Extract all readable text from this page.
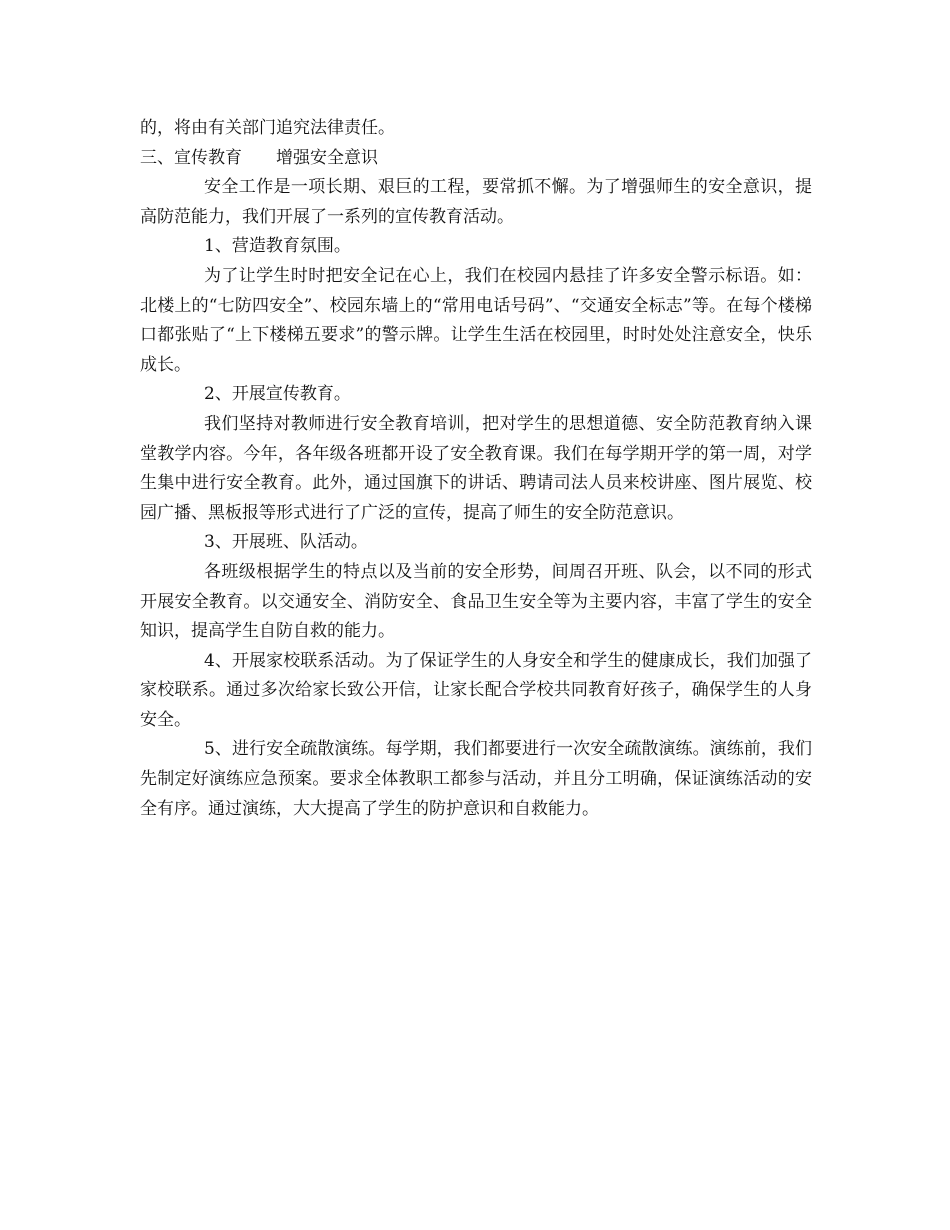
的，将由有关部门追究法律责任。

三、宣传教育　　增强安全意识

安全工作是一项长期、艰巨的工程，要常抓不懈。为了增强师生的安全意识，提高防范能力，我们开展了一系列的宣传教育活动。

1、营造教育氛围。

为了让学生时时把安全记在心上，我们在校园内悬挂了许多安全警示标语。如：北楼上的“七防四安全”、校园东墙上的“常用电话号码”、“交通安全标志”等。在每个楼梯口都张贴了“上下楼梯五要求”的警示牌。让学生生活在校园里，时时处处注意安全，快乐成长。

2、开展宣传教育。

我们坚持对教师进行安全教育培训，把对学生的思想道德、安全防范教育纳入课堂教学内容。今年，各年级各班都开设了安全教育课。我们在每学期开学的第一周，对学生集中进行安全教育。此外，通过国旗下的讲话、聘请司法人员来校讲座、图片展览、校园广播、黑板报等形式进行了广泛的宣传，提高了师生的安全防范意识。

3、开展班、队活动。

各班级根据学生的特点以及当前的安全形势，间周召开班、队会，以不同的形式开展安全教育。以交通安全、消防安全、食品卫生安全等为主要内容，丰富了学生的安全知识，提高学生自防自救的能力。

4、开展家校联系活动。为了保证学生的人身安全和学生的健康成长，我们加强了家校联系。通过多次给家长致公开信，让家长配合学校共同教育好孩子，确保学生的人身安全。

5、进行安全疏散演练。每学期，我们都要进行一次安全疏散演练。演练前，我们先制定好演练应急预案。要求全体教职工都参与活动，并且分工明确，保证演练活动的安全有序。通过演练，大大提高了学生的防护意识和自救能力。
